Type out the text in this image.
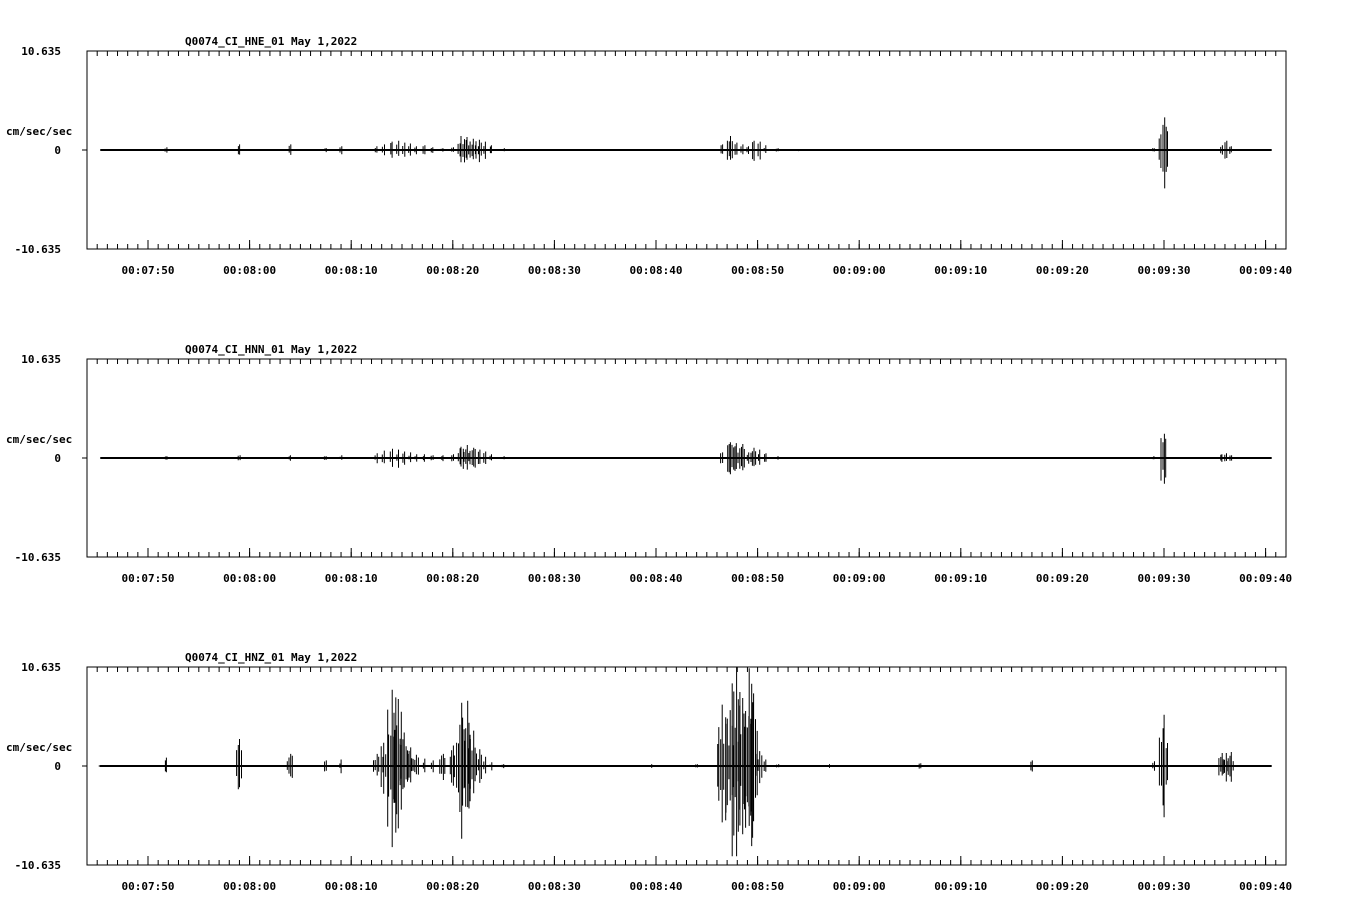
Q0074_CI_HNE_01 May 1,2022
10.635
0
-10.635
cm/sec/sec
00:07:50	00:08:00	00:08:10	00:08:20	00:08:30	00:08:40	00:08:50	00:09:00	00:09:10	00:09:20	00:09:30	00:09:40
Q0074_CI_HNN_01 May 1,2022
10.635
0
-10.635
cm/sec/sec
00:07:50	00:08:00	00:08:10	00:08:20	00:08:30	00:08:40	00:08:50	00:09:00	00:09:10	00:09:20	00:09:30	00:09:40
Q0074_CI_HNZ_01 May 1,2022
10.635
0
-10.635
cm/sec/sec
00:07:50	00:08:00	00:08:10	00:08:20	00:08:30	00:08:40	00:08:50	00:09:00	00:09:10	00:09:20	00:09:30	00:09:40
